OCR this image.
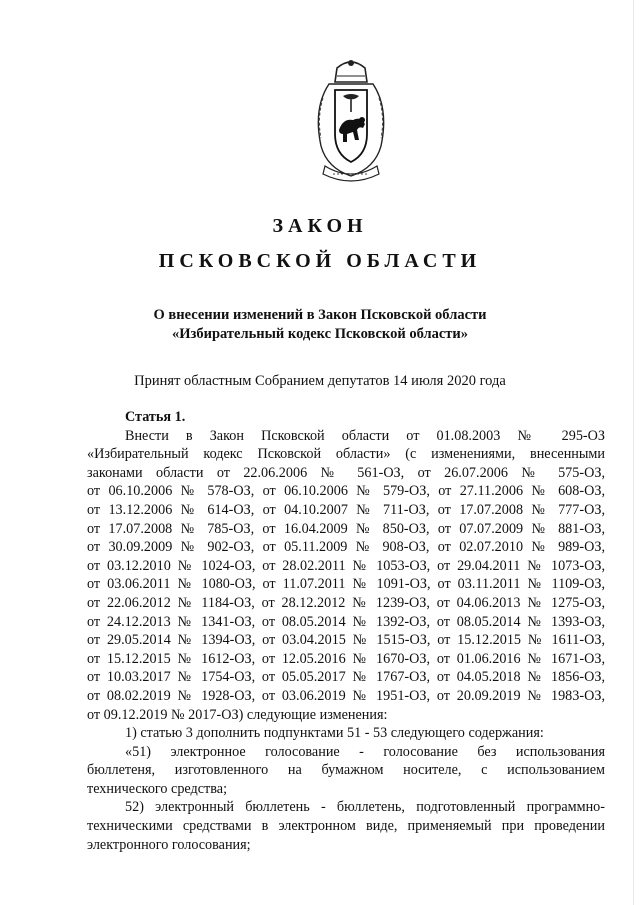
ЗАКОН
ПСКОВСКОЙ ОБЛАСТИ
О внесении изменений в Закон Псковской области
«Избирательный кодекс Псковской области»
Принят областным Собранием депутатов 14 июля 2020 года

Статья 1.

Внести в Закон Псковской области от 01.08.2003 № 295-ОЗ

«Избирательный кодекс Псковской области» (с изменениями, внесенными

законами области от 22.06.2006 № 561-ОЗ, от 26.07.2006 № 575-ОЗ,

от 06.10.2006 № 578-ОЗ, от 06.10.2006 № 579-ОЗ, от 27.11.2006 № 608-ОЗ,

от 13.12.2006 № 614-ОЗ, от 04.10.2007 № 711-ОЗ, от 17.07.2008 № 777-ОЗ,

от 17.07.2008 № 785-ОЗ, от 16.04.2009 № 850-ОЗ, от 07.07.2009 № 881-ОЗ,

от 30.09.2009 № 902-ОЗ, от 05.11.2009 № 908-ОЗ, от 02.07.2010 № 989-ОЗ,

от 03.12.2010 № 1024-ОЗ, от 28.02.2011 № 1053-ОЗ, от 29.04.2011 № 1073-ОЗ,

от 03.06.2011 № 1080-ОЗ, от 11.07.2011 № 1091-ОЗ, от 03.11.2011 № 1109-ОЗ,

от 22.06.2012 № 1184-ОЗ, от 28.12.2012 № 1239-ОЗ, от 04.06.2013 № 1275-ОЗ,

от 24.12.2013 № 1341-ОЗ, от 08.05.2014 № 1392-ОЗ, от 08.05.2014 № 1393-ОЗ,

от 29.05.2014 № 1394-ОЗ, от 03.04.2015 № 1515-ОЗ, от 15.12.2015 № 1611-ОЗ,

от 15.12.2015 № 1612-ОЗ, от 12.05.2016 № 1670-ОЗ, от 01.06.2016 № 1671-ОЗ,

от 10.03.2017 № 1754-ОЗ, от 05.05.2017 № 1767-ОЗ, от 04.05.2018 № 1856-ОЗ,

от 08.02.2019 № 1928-ОЗ, от 03.06.2019 № 1951-ОЗ, от 20.09.2019 № 1983-ОЗ,

от 09.12.2019 № 2017-ОЗ) следующие изменения:

1) статью 3 дополнить подпунктами 51 - 53 следующего содержания:

«51) электронное голосование - голосование без использования

бюллетеня, изготовленного на бумажном носителе, с использованием

технического средства;

52) электронный бюллетень - бюллетень, подготовленный программно-

техническими средствами в электронном виде, применяемый при проведении

электронного голосования;
